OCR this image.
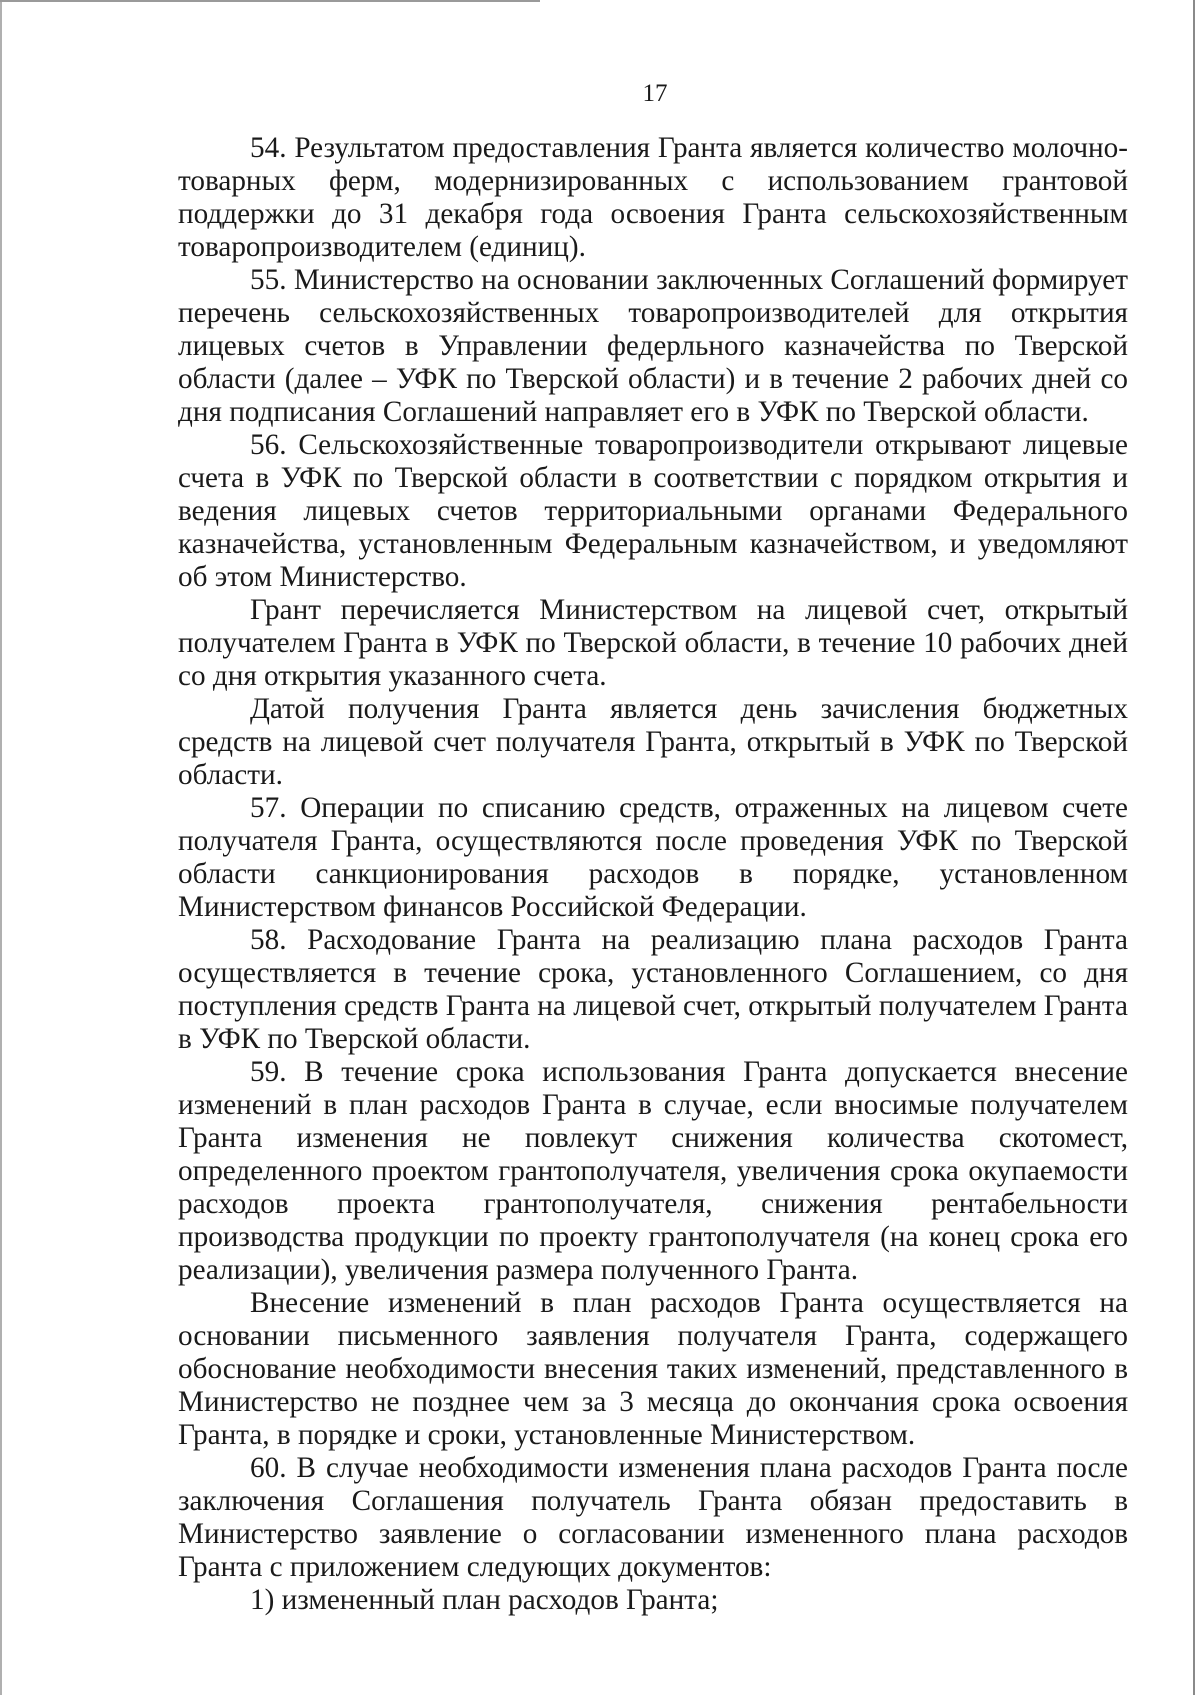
17

54. Результатом предоставления Гранта является количество молочно-товарных ферм, модернизированных с использованием грантовой поддержки до 31 декабря года освоения Гранта сельскохозяйственным товаропроизводителем (единиц).

55. Министерство на основании заключенных Соглашений формирует перечень сельскохозяйственных товаропроизводителей для открытия лицевых счетов в Управлении федерльного казначейства по Тверской области (далее – УФК по Тверской области) и в течение 2 рабочих дней со дня подписания Соглашений направляет его в УФК по Тверской области.

56. Сельскохозяйственные товаропроизводители открывают лицевые счета в УФК по Тверской области в соответствии с порядком открытия и ведения лицевых счетов территориальными органами Федерального казначейства, установленным Федеральным казначейством, и уведомляют об этом Министерство.

Грант перечисляется Министерством на лицевой счет, открытый получателем Гранта в УФК по Тверской области, в течение 10 рабочих дней со дня открытия указанного счета.

Датой получения Гранта является день зачисления бюджетных средств на лицевой счет получателя Гранта, открытый в УФК по Тверской области.

57. Операции по списанию средств, отраженных на лицевом счете получателя Гранта, осуществляются после проведения УФК по Тверской области санкционирования расходов в порядке, установленном Министерством финансов Российской Федерации.

58. Расходование Гранта на реализацию плана расходов Гранта осуществляется в течение срока, установленного Соглашением, со дня поступления средств Гранта на лицевой счет, открытый получателем Гранта в УФК по Тверской области.

59. В течение срока использования Гранта допускается внесение изменений в план расходов Гранта в случае, если вносимые получателем Гранта изменения не повлекут снижения количества скотомест, определенного проектом грантополучателя, увеличения срока окупаемости расходов проекта грантополучателя, снижения рентабельности производства продукции по проекту грантополучателя (на конец срока его реализации), увеличения размера полученного Гранта.

Внесение изменений в план расходов Гранта осуществляется на основании письменного заявления получателя Гранта, содержащего обоснование необходимости внесения таких изменений, представленного в Министерство не позднее чем за 3 месяца до окончания срока освоения Гранта, в порядке и сроки, установленные Министерством.

60. В случае необходимости изменения плана расходов Гранта после заключения Соглашения получатель Гранта обязан предоставить в Министерство заявление о согласовании измененного плана расходов Гранта с приложением следующих документов:

1) измененный план расходов Гранта;
